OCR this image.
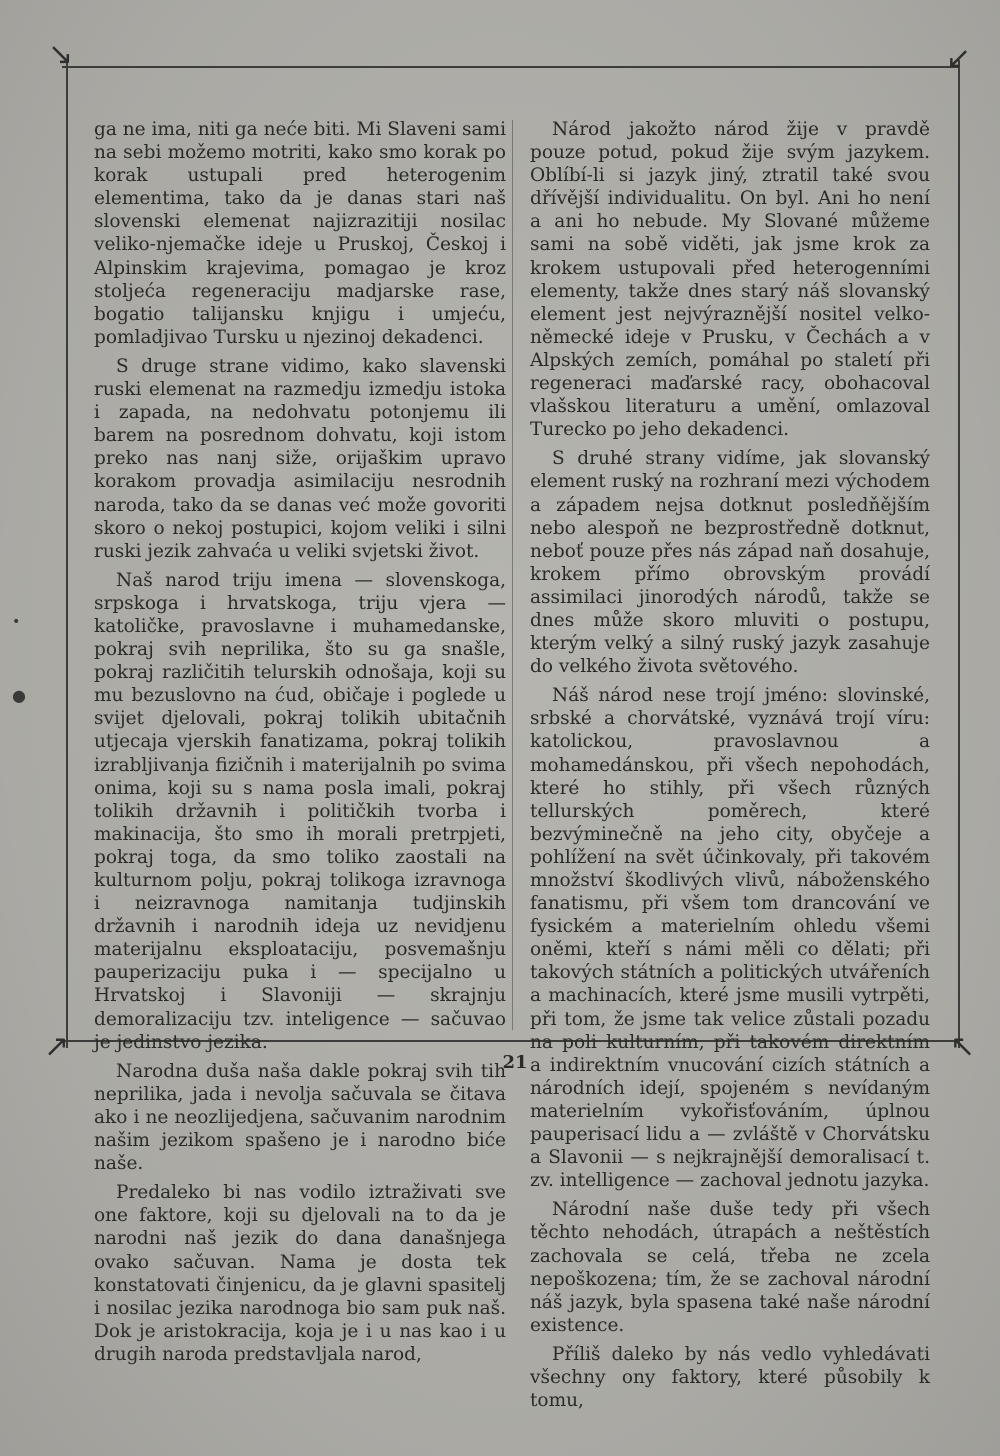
↘	↙
↗	↖
•
●

ga ne ima, niti ga neće biti. Mi Slaveni sami na sebi možemo motriti, kako smo korak po korak ustupali pred heterogenim elementima, tako da je danas stari naš slovenski elemenat najizrazitiji nosilac veliko-njemačke ideje u Pruskoj, Českoj i Alpinskim krajevima, pomagao je kroz stoljeća regeneraciju madjarske rase, bogatio talijansku knjigu i umjeću, pomladjivao Tursku u njezinoj dekadenci.

S druge strane vidimo, kako slavenski ruski elemenat na razmedju izmedju istoka i zapada, na nedohvatu potonjemu ili barem na posrednom dohvatu, koji istom preko nas nanj siže, orijaškim upravo korakom provadja asimilaciju nesrodnih naroda, tako da se danas već može govoriti skoro o nekoj postupici, kojom veliki i silni ruski jezik zahvaća u veliki svjetski život.

Naš narod triju imena — slovenskoga, srpskoga i hrvatskoga, triju vjera — katoličke, pravoslavne i muhamedanske, pokraj svih neprilika, što su ga snašle, pokraj različitih telurskih odnošaja, koji su mu bezuslovno na ćud, običaje i poglede u svijet djelovali, pokraj tolikih ubitačnih utjecaja vjerskih fanatizama, pokraj tolikih izrabljivanja fizičnih i materijalnih po svima onima, koji su s nama posla imali, pokraj tolikih državnih i političkih tvorba i makinacija, što smo ih morali pretrpjeti, pokraj toga, da smo toliko zaostali na kulturnom polju, pokraj tolikoga izravnoga i neizravnoga namitanja tudjinskih državnih i narodnih ideja uz nevidjenu materijalnu eksploataciju, posvemašnju pauperizaciju puka i — specijalno u Hrvatskoj i Slavoniji — skrajnju demoralizaciju tzv. inteligence — sačuvao je jedinstvo jezika.

Narodna duša naša dakle pokraj svih tih neprilika, jada i nevolja sačuvala se čitava ako i ne neozlijedjena, sačuvanim narodnim našim jezikom spašeno je i narodno biće naše.

Predaleko bi nas vodilo iztraživati sve one faktore, koji su djelovali na to da je narodni naš jezik do dana današnjega ovako sačuvan. Nama je dosta tek konstatovati činjenicu, da je glavni spasitelj i nosilac jezika narodnoga bio sam puk naš. Dok je aristokracija, koja je i u nas kao i u drugih naroda predstavljala narod,

Národ jakožto národ žije v pravdě pouze potud, pokud žije svým jazykem. Oblíbí-li si jazyk jiný, ztratil také svou dřívější individualitu. On byl. Ani ho není a ani ho nebude. My Slované můžeme sami na sobě viděti, jak jsme krok za krokem ustupovali před heterogenními elementy, takže dnes starý náš slovanský element jest nejvýraznější nositel velko-německé ideje v Prusku, v Čechách a v Alpských zemích, pomáhal po staletí při regeneraci maďarské racy, obohacoval vlašskou literaturu a umění, omlazoval Turecko po jeho dekadenci.

S druhé strany vidíme, jak slovanský element ruský na rozhraní mezi východem a západem nejsa dotknut posledňějším nebo alespoň ne bezprostředně dotknut, neboť pouze přes nás západ naň dosahuje, krokem přímo obrovským provádí assimilaci jinorodých národů, takže se dnes může skoro mluviti o postupu, kterým velký a silný ruský jazyk zasahuje do velkého života světového.

Náš národ nese trojí jméno: slovinské, srbské a chorvátské, vyznává trojí víru: katolickou, pravoslavnou a mohamedánskou, při všech nepohodách, které ho stihly, při všech různých tellurských poměrech, které bezvýminečně na jeho city, obyčeje a pohlížení na svět účinkovaly, při takovém množství škodlivých vlivů, náboženského fanatismu, při všem tom drancování ve fysickém a materielním ohledu všemi oněmi, kteří s námi měli co dělati; při takových státních a politických utvářeních a machinacích, které jsme musili vytrpěti, při tom, že jsme tak velice zůstali pozadu na poli kulturním, při takovém direktním a indirektním vnucování cizích státních a národních idejí, spojeném s nevídaným materielním vykořisťováním, úplnou pauperisací lidu a — zvláště v Chorvátsku a Slavonii — s nejkrajnější demoralisací t. zv. intelligence — zachoval jednotu jazyka.

Národní naše duše tedy při všech těchto nehodách, útrapách a neštěstích zachovala se celá, třeba ne zcela nepoškozena; tím, že se zachoval národní náš jazyk, byla spasena také naše národní existence.

Příliš daleko by nás vedlo vyhledávati všechny ony faktory, které působily k tomu,

21
